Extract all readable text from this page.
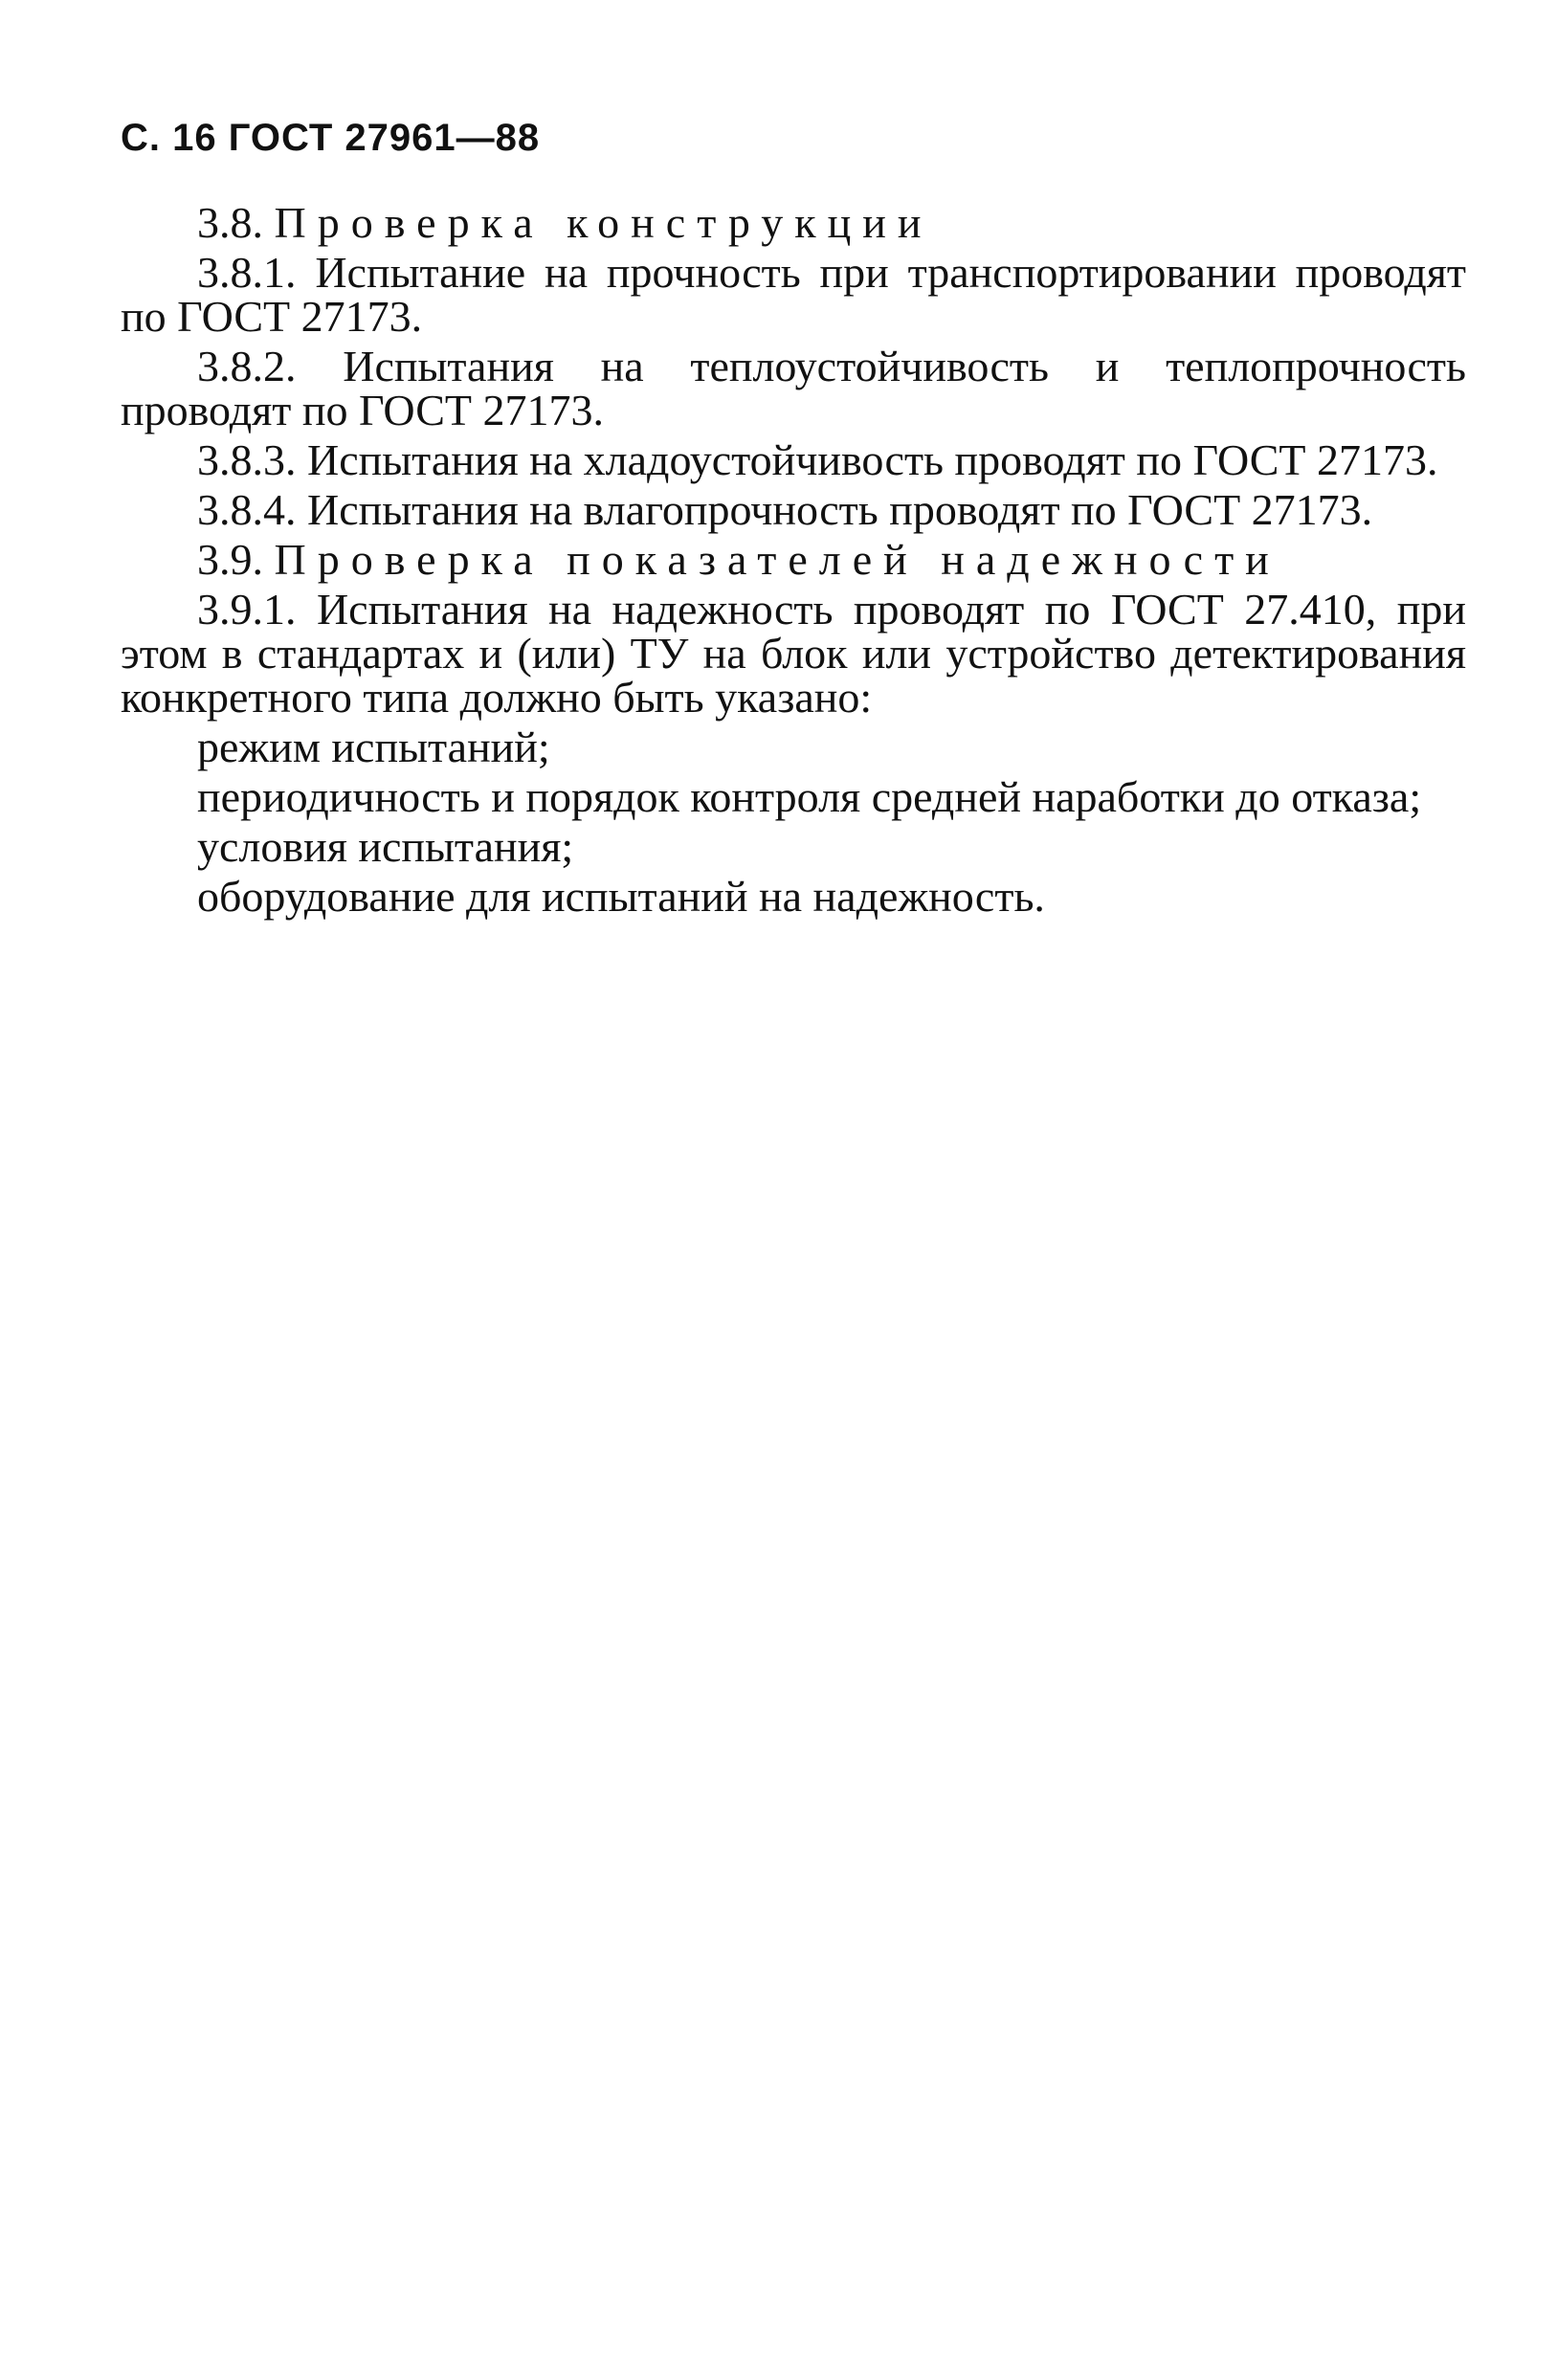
С. 16 ГОСТ 27961—88

3.8. Проверка конструкции

3.8.1. Испытание на прочность при транспортировании проводят по ГОСТ 27173.

3.8.2. Испытания на теплоустойчивость и теплопрочность проводят по ГОСТ 27173.

3.8.3. Испытания на хладоустойчивость проводят по ГОСТ 27173.

3.8.4. Испытания на влагопрочность проводят по ГОСТ 27173.

3.9. Проверка показателей надежности

3.9.1. Испытания на надежность проводят по ГОСТ 27.410, при этом в стандартах и (или) ТУ на блок или устройство детектирования конкретного типа должно быть указано:

режим испытаний;

периодичность и порядок контроля средней наработки до отказа;

условия испытания;

оборудование для испытаний на надежность.
